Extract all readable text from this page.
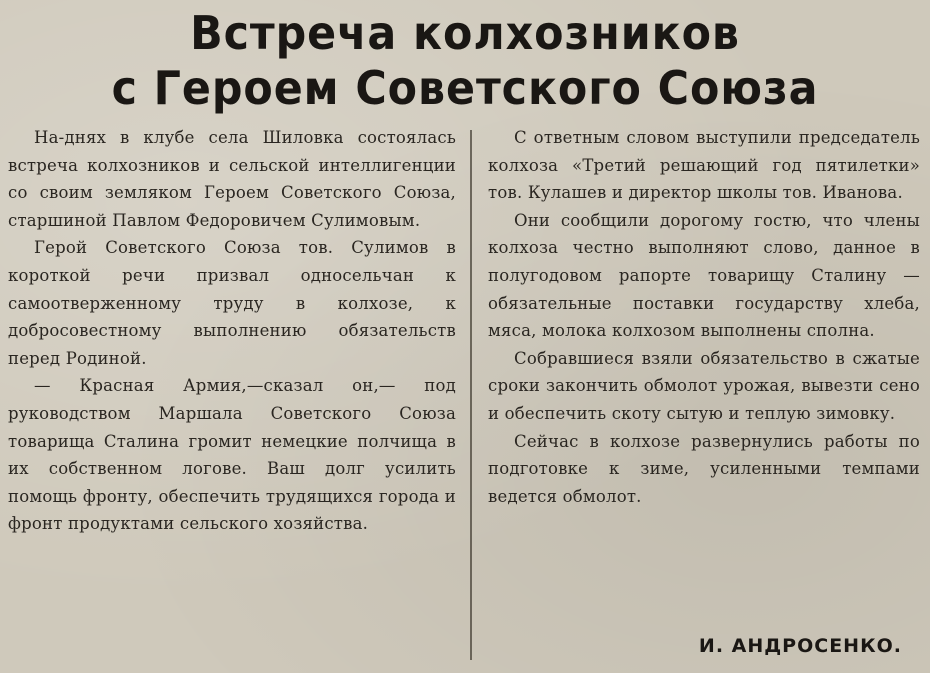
Встреча колхозников
с Героем Советского Союза

На-днях в клубе села Шиловка состоялась встреча колхозников и сельской интеллигенции со своим земляком Героем Советского Союза, старшиной Павлом Федоровичем Сулимовым.

Герой Советского Союза тов. Сулимов в короткой речи призвал односельчан к самоотверженному труду в колхозе, к добросовестному выполнению обязательств перед Родиной.

— Красная Армия,—сказал он,— под руководством Маршала Советского Союза товарища Сталина громит немецкие полчища в их собственном логове. Ваш долг усилить помощь фронту, обеспечить трудящихся города и фронт продуктами сельского хозяйства.

С ответным словом выступили председатель колхоза «Третий решающий год пятилетки» тов. Кулашев и директор школы тов. Иванова.

Они сообщили дорогому гостю, что члены колхоза честно выполняют слово, данное в полугодовом рапорте товарищу Сталину — обязательные поставки государству хлеба, мяса, молока колхозом выполнены сполна.

Собравшиеся взяли обязательство в сжатые сроки закончить обмолот урожая, вывезти сено и обеспечить скоту сытую и теплую зимовку.

Сейчас в колхозе развернулись работы по подготовке к зиме, усиленными темпами ведется обмолот.

И. АНДРОСЕНКО.
